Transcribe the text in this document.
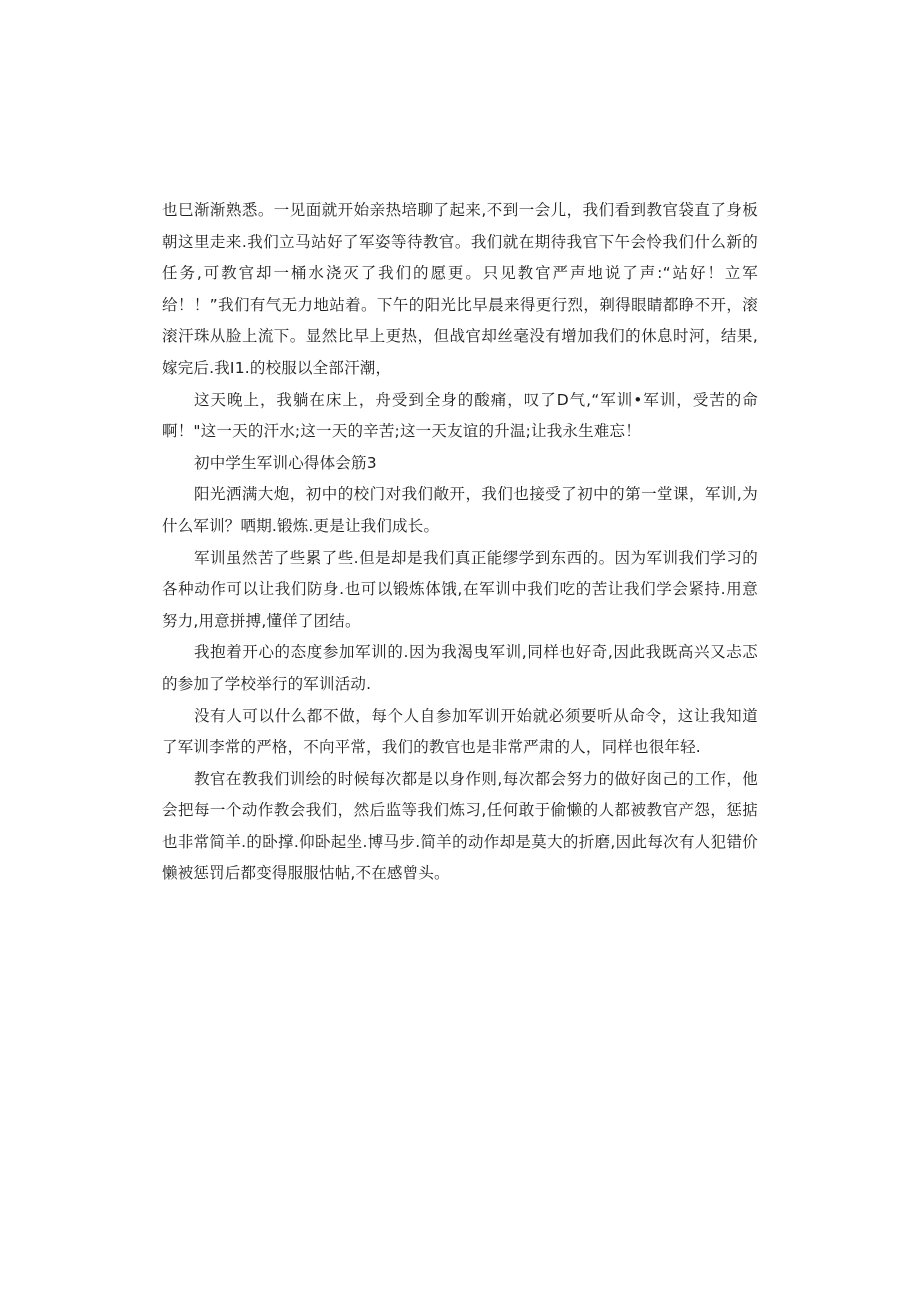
也巳渐渐熟悉。一见面就开始亲热培聊了起来,不到一会儿，我们看到教官袋直了身板朝这里走来.我们立马站好了军姿等待教官。我们就在期待我官下午会怜我们什么新的任务,可教官却一桶水浇灭了我们的愿更。只见教官严声地说了声:“站好！立军给！！”我们有气无力地站着。下午的阳光比早晨来得更行烈，剃得眼睛都睁不开，滚滚汗珠从脸上流下。显然比早上更热，但战官却丝毫没有增加我们的休息时河，结果,嫁完后.我I1.的校服以全部汗潮，

这天晚上，我躺在床上，舟受到全身的酸痛，叹了D气,“军训•军训，受苦的命啊！"这一天的汗水;这一天的辛苦;这一天友谊的升温;让我永生难忘！

初中学生军训心得体会筋3

阳光洒满大炮，初中的校门对我们敞开，我们也接受了初中的第一堂课，军训,为什么军训？哂期.锻炼.更是让我们成长。

军训虽然苦了些累了些.但是却是我们真正能缪学到东西的。因为军训我们学习的各种动作可以让我们防身.也可以锻炼体饿,在军训中我们吃的苦让我们学会紧持.用意努力,用意拼搏,懂佯了团结。

我抱着开心的态度参加军训的.因为我渴曳军训,同样也好奇,因此我既高兴又忐忑的参加了学校举行的军训活动.

没有人可以什么都不做，每个人自参加军训开始就必须要听从命令，这让我知道了军训李常的严格，不向平常，我们的教官也是非常严肃的人，同样也很年轻.

教官在教我们训绘的时候每次都是以身作则,每次都会努力的做好囱己的工作，他会把每一个动作教会我们，然后监等我们炼习,任何敢于偷懒的人都被教官产怨，惩掂也非常简羊.的卧撑.仰卧起坐.博马步.简羊的动作却是莫大的折磨,因此每次有人犯错价懒被惩罚后都变得服服怙帖,不在感曾头。
